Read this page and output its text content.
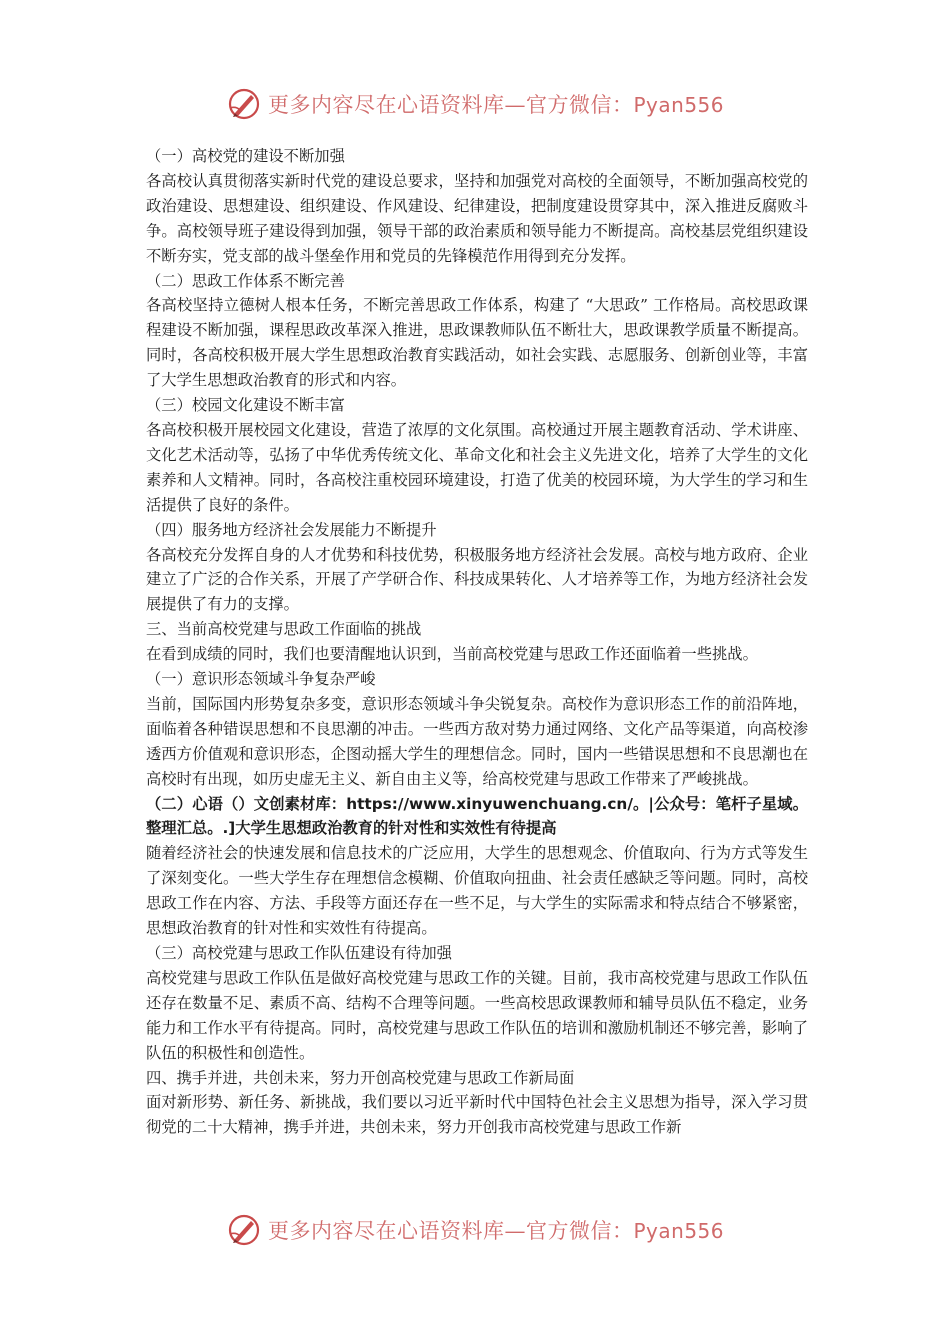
更多内容尽在心语资料库—官方微信：Pyan556

（一）高校党的建设不断加强

各高校认真贯彻落实新时代党的建设总要求，坚持和加强党对高校的全面领导，不断加强高校党的政治建设、思想建设、组织建设、作风建设、纪律建设，把制度建设贯穿其中，深入推进反腐败斗争。高校领导班子建设得到加强，领导干部的政治素质和领导能力不断提高。高校基层党组织建设不断夯实，党支部的战斗堡垒作用和党员的先锋模范作用得到充分发挥。

（二）思政工作体系不断完善

各高校坚持立德树人根本任务，不断完善思政工作体系，构建了 “大思政” 工作格局。高校思政课程建设不断加强，课程思政改革深入推进，思政课教师队伍不断壮大，思政课教学质量不断提高。同时，各高校积极开展大学生思想政治教育实践活动，如社会实践、志愿服务、创新创业等，丰富了大学生思想政治教育的形式和内容。

（三）校园文化建设不断丰富

各高校积极开展校园文化建设，营造了浓厚的文化氛围。高校通过开展主题教育活动、学术讲座、文化艺术活动等，弘扬了中华优秀传统文化、革命文化和社会主义先进文化，培养了大学生的文化素养和人文精神。同时，各高校注重校园环境建设，打造了优美的校园环境，为大学生的学习和生活提供了良好的条件。

（四）服务地方经济社会发展能力不断提升

各高校充分发挥自身的人才优势和科技优势，积极服务地方经济社会发展。高校与地方政府、企业建立了广泛的合作关系，开展了产学研合作、科技成果转化、人才培养等工作，为地方经济社会发展提供了有力的支撑。

三、当前高校党建与思政工作面临的挑战

在看到成绩的同时，我们也要清醒地认识到，当前高校党建与思政工作还面临着一些挑战。

（一）意识形态领域斗争复杂严峻

当前，国际国内形势复杂多变，意识形态领域斗争尖锐复杂。高校作为意识形态工作的前沿阵地，面临着各种错误思想和不良思潮的冲击。一些西方敌对势力通过网络、文化产品等渠道，向高校渗透西方价值观和意识形态，企图动摇大学生的理想信念。同时，国内一些错误思想和不良思潮也在高校时有出现，如历史虚无主义、新自由主义等，给高校党建与思政工作带来了严峻挑战。

（二）心语（）文创素材库：https://www.xinyuwenchuang.cn/。|公众号：笔杆子星域。整理汇总。.]大学生思想政治教育的针对性和实效性有待提高

随着经济社会的快速发展和信息技术的广泛应用，大学生的思想观念、价值取向、行为方式等发生了深刻变化。一些大学生存在理想信念模糊、价值取向扭曲、社会责任感缺乏等问题。同时，高校思政工作在内容、方法、手段等方面还存在一些不足，与大学生的实际需求和特点结合不够紧密，思想政治教育的针对性和实效性有待提高。

（三）高校党建与思政工作队伍建设有待加强

高校党建与思政工作队伍是做好高校党建与思政工作的关键。目前，我市高校党建与思政工作队伍还存在数量不足、素质不高、结构不合理等问题。一些高校思政课教师和辅导员队伍不稳定，业务能力和工作水平有待提高。同时，高校党建与思政工作队伍的培训和激励机制还不够完善，影响了队伍的积极性和创造性。

四、携手并进，共创未来，努力开创高校党建与思政工作新局面

面对新形势、新任务、新挑战，我们要以习近平新时代中国特色社会主义思想为指导，深入学习贯彻党的二十大精神，携手并进，共创未来，努力开创我市高校党建与思政工作新

更多内容尽在心语资料库—官方微信：Pyan556
